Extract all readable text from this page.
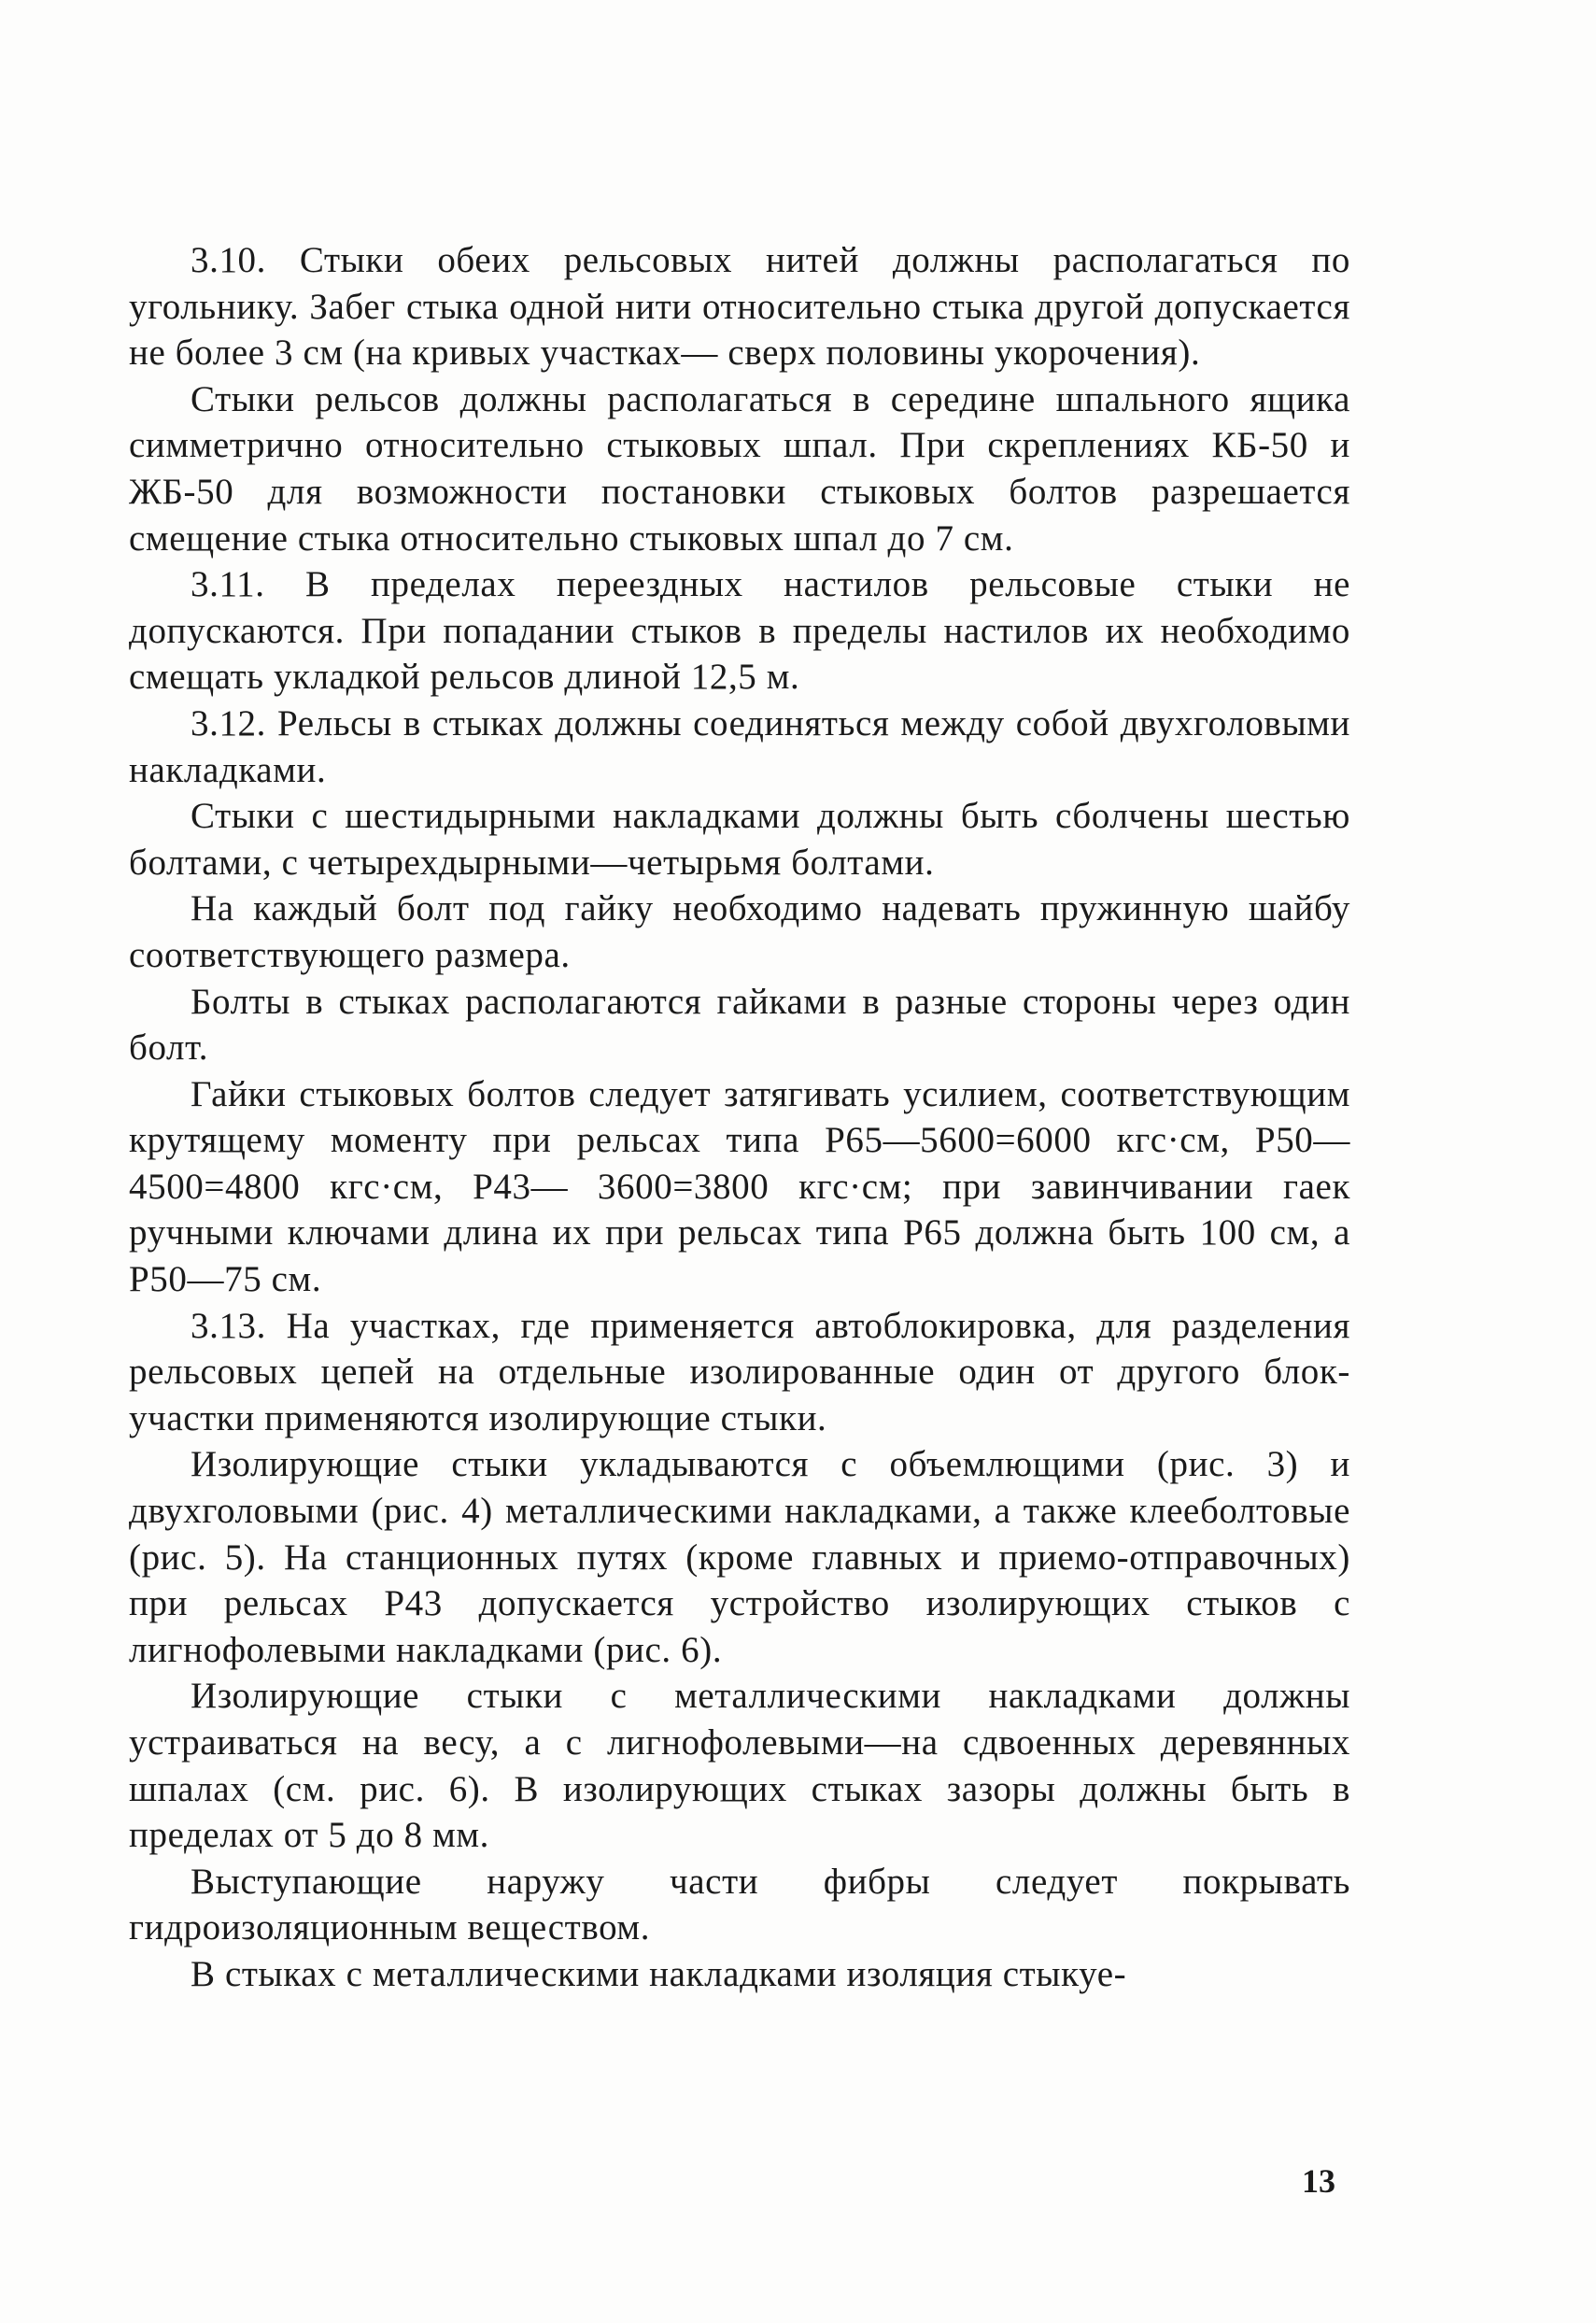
3.10. Стыки обеих рельсовых нитей должны располагаться по угольнику. Забег стыка одной нити относительно стыка другой допускается не более 3 см (на кривых участках— сверх половины укорочения).

Стыки рельсов должны располагаться в середине шпального ящика симметрично относительно стыковых шпал. При скреплениях КБ-50 и ЖБ-50 для возможности постановки стыковых болтов разрешается смещение стыка относительно стыковых шпал до 7 см.

3.11. В пределах переездных настилов рельсовые стыки не допускаются. При попадании стыков в пределы настилов их необходимо смещать укладкой рельсов длиной 12,5 м.

3.12. Рельсы в стыках должны соединяться между собой двухголовыми накладками.

Стыки с шестидырными накладками должны быть сболчены шестью болтами, с четырехдырными—четырьмя болтами.

На каждый болт под гайку необходимо надевать пружинную шайбу соответствующего размера.

Болты в стыках располагаются гайками в разные стороны через один болт.

Гайки стыковых болтов следует затягивать усилием, соответствующим крутящему моменту при рельсах типа Р65—5600=6000 кгс·см, Р50—4500=4800 кгс·см, Р43— 3600=3800 кгс·см; при завинчивании гаек ручными ключами длина их при рельсах типа Р65 должна быть 100 см, а Р50—75 см.

3.13. На участках, где применяется автоблокировка, для разделения рельсовых цепей на отдельные изолированные один от другого блок-участки применяются изолирующие стыки.

Изолирующие стыки укладываются с объемлющими (рис. 3) и двухголовыми (рис. 4) металлическими накладками, а также клееболтовые (рис. 5). На станционных путях (кроме главных и приемо-отправочных) при рельсах Р43 допускается устройство изолирующих стыков с лигнофолевыми накладками (рис. 6).

Изолирующие стыки с металлическими накладками должны устраиваться на весу, а с лигнофолевыми—на сдвоенных деревянных шпалах (см. рис. 6). В изолирующих стыках зазоры должны быть в пределах от 5 до 8 мм.

Выступающие наружу части фибры следует покрывать гидроизоляционным веществом.

В стыках с металлическими накладками изоляция стыкуе-

13
